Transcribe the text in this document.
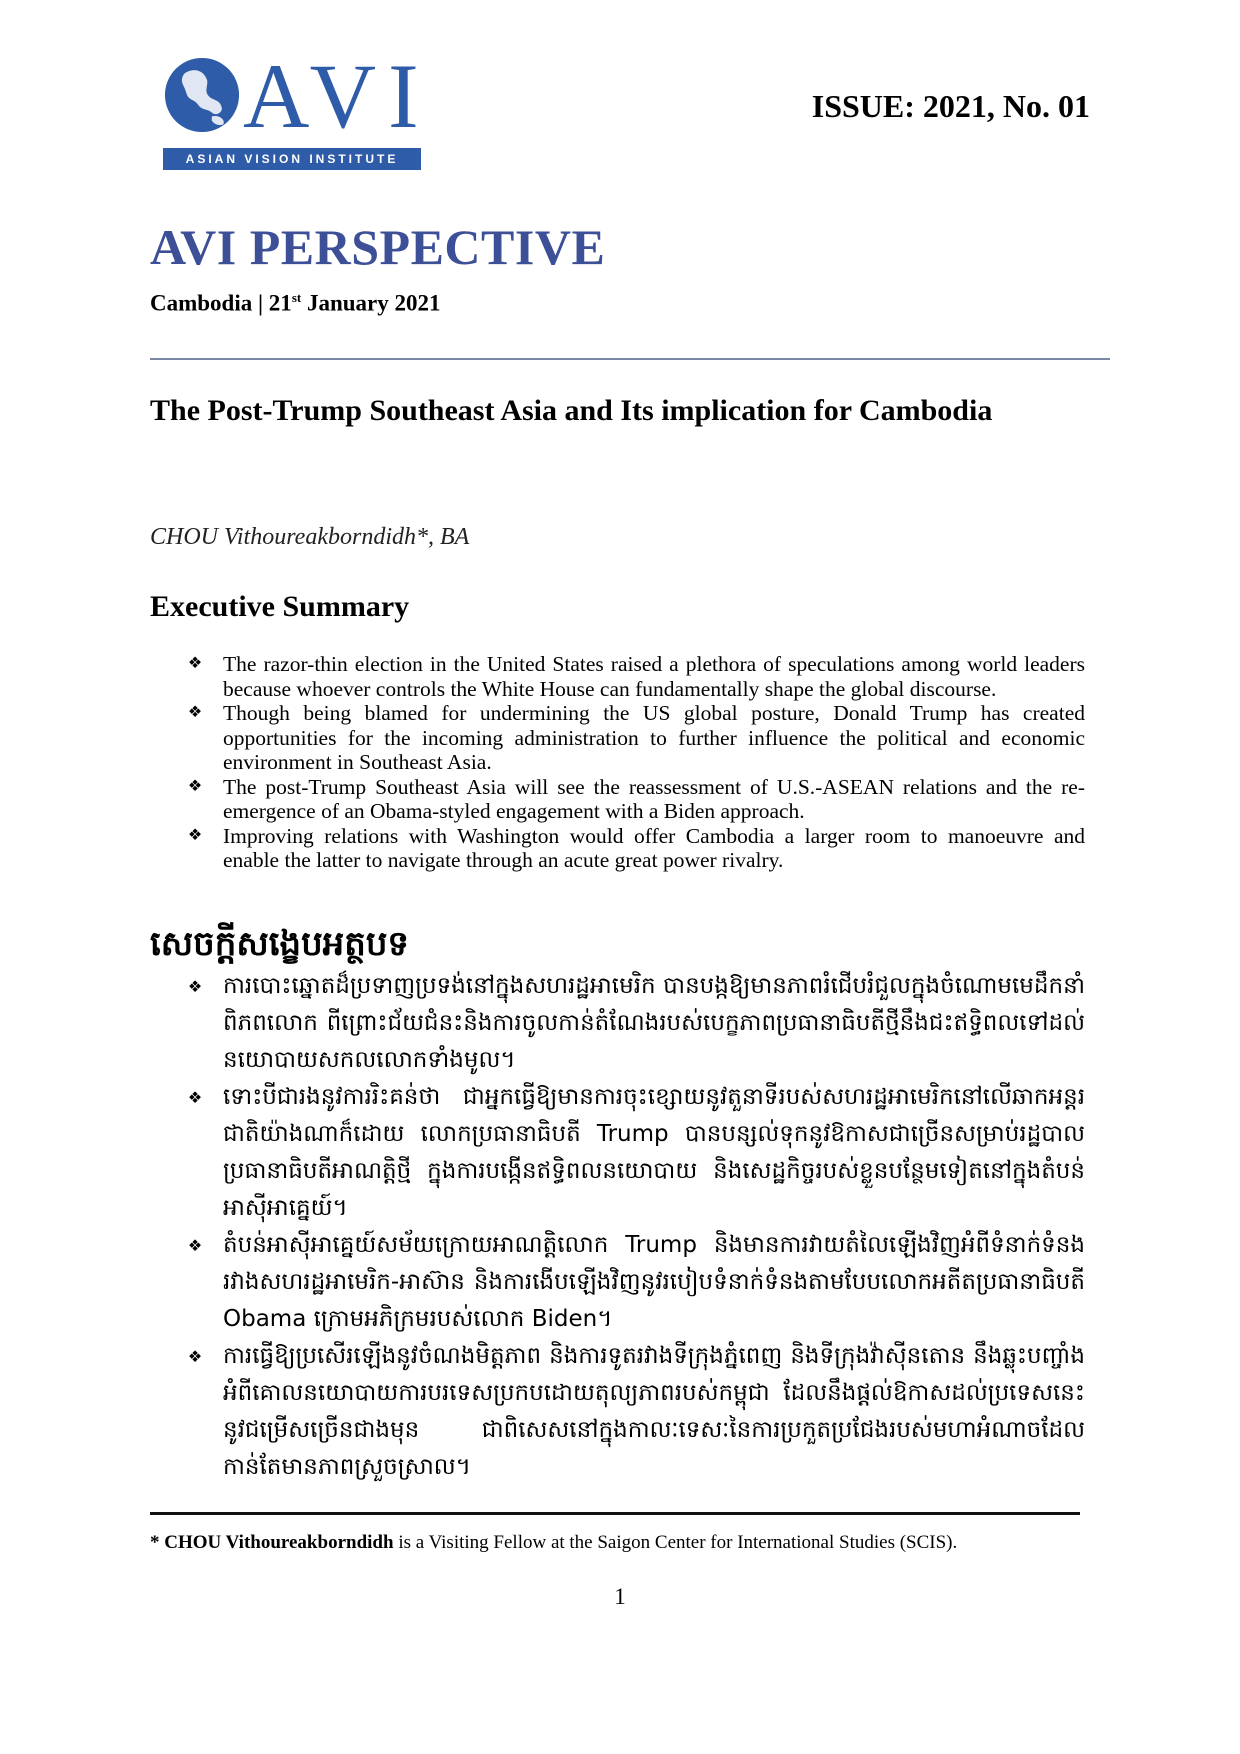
AVI
ASIAN VISION INSTITUTE
ISSUE: 2021, No. 01
AVI PERSPECTIVE
Cambodia | 21st January 2021
The Post-Trump Southeast Asia and Its implication for Cambodia
CHOU Vithoureakborndidh*, BA
Executive Summary
❖ The razor-thin election in the United States raised a plethora of speculations among world leaders because whoever controls the White House can fundamentally shape the global discourse.
❖ Though being blamed for undermining the US global posture, Donald Trump has created opportunities for the incoming administration to further influence the political and economic environment in Southeast Asia.
❖ The post-Trump Southeast Asia will see the reassessment of U.S.-ASEAN relations and the re-emergence of an Obama-styled engagement with a Biden approach.
❖ Improving relations with Washington would offer Cambodia a larger room to manoeuvre and enable the latter to navigate through an acute great power rivalry.
សេចក្តីសង្ខេបអត្ថបទ
❖ ការបោះឆ្នោតដ៏ប្រទាញប្រទង់នៅក្នុងសហរដ្ឋអាមេរិក បានបង្កឱ្យមានភាពរំជើបរំជួលក្នុងចំណោមមេដឹកនាំពិភពលោក ពីព្រោះជ័យជំនះនិងការចូលកាន់តំណែងរបស់បេក្ខភាពប្រធានាធិបតីថ្មីនឹងជះឥទ្ធិពលទៅដល់នយោបាយសកលលោកទាំងមូល។
❖ ទោះបីជារងនូវការរិះគន់ថា ជាអ្នកធ្វើឱ្យមានការចុះខ្សោយនូវតួនាទីរបស់សហរដ្ឋអាមេរិកនៅលើឆាកអន្តរជាតិយ៉ាងណាក៏ដោយ លោកប្រធានាធិបតី Trump បានបន្សល់ទុកនូវឱកាសជាច្រើនសម្រាប់រដ្ឋបាលប្រធានាធិបតីអាណត្តិថ្មី ក្នុងការបង្កើនឥទ្ធិពលនយោបាយ និងសេដ្ឋកិច្ចរបស់ខ្លួនបន្ថែមទៀតនៅក្នុងតំបន់អាស៊ីអាគ្នេយ៍។
❖ តំបន់អាស៊ីអាគ្នេយ៍សម័យក្រោយអាណត្តិលោក Trump និងមានការវាយតំលៃឡើងវិញអំពីទំនាក់ទំនងរវាងសហរដ្ឋអាមេរិក-អាស៊ាន និងការងើបឡើងវិញនូវរបៀបទំនាក់ទំនងតាមបែបលោកអតីតប្រធានាធិបតី Obama ក្រោមអភិក្រមរបស់លោក Biden។
❖ ការធ្វើឱ្យប្រសើរឡើងនូវចំណងមិត្តភាព និងការទូតរវាងទីក្រុងភ្នំពេញ និងទីក្រុងវ៉ាស៊ីនតោន នឹងឆ្លុះបញ្ចាំងអំពីគោលនយោបាយការបរទេសប្រកបដោយតុល្យភាពរបស់កម្ពុជា ដែលនឹងផ្តល់ឱកាសដល់ប្រទេសនេះនូវជម្រើសច្រើនជាងមុន ជាពិសេសនៅក្នុងកាលៈទេសៈនៃការប្រកួតប្រជែងរបស់មហាអំណាចដែលកាន់តែមានភាពស្រួចស្រាល។
* CHOU Vithoureakborndidh is a Visiting Fellow at the Saigon Center for International Studies (SCIS).
1
